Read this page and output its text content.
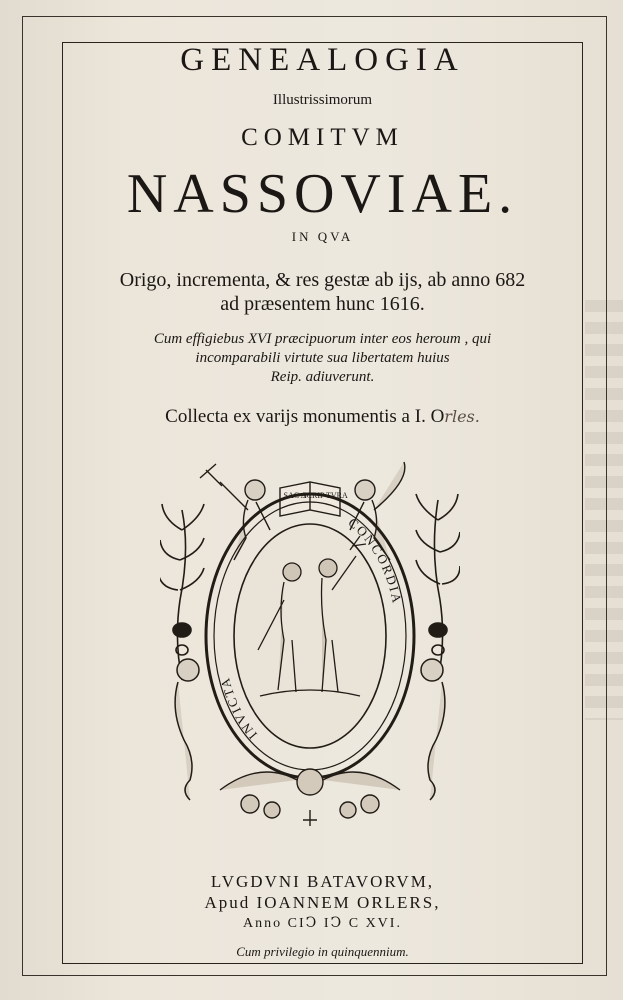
GENEALOGIA
Illustrissimorum
COMITVM
NASSOVIAE.
IN QVA
Origo, incrementa, & res gestæ ab ijs, ab anno 682
ad præsentem hunc 1616.
Cum effigiebus XVI præcipuorum inter eos heroum , qui
incomparabili virtute sua libertatem huius
Reip. adiuverunt.
Collecta ex varijs monumentis a I. Orles.
SAC A
SCRIP TVRA
INVICTA
CONCORDIA
LVGDVNI BATAVORVM,
Apud IOANNEM ORLERS,
Anno CIↃ IↃ C XVI.
Cum privilegio in quinquennium.
